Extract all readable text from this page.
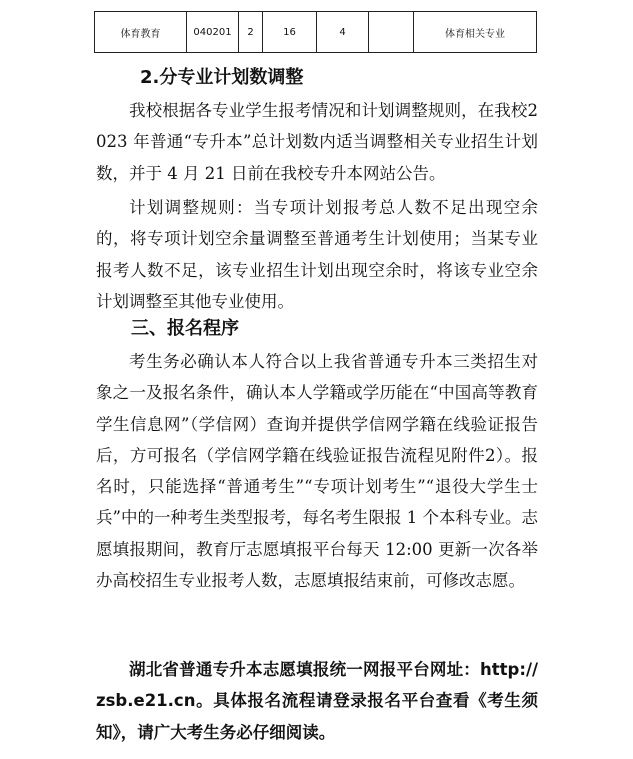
体育教育	040201	2	16	4		体育相关专业
2.分专业计划数调整

我校根据各专业学生报考情况和计划调整规则，在我校2023 年普通“专升本”总计划数内适当调整相关专业招生计划数，并于 4 月 21 日前在我校专升本网站公告。

计划调整规则：当专项计划报考总人数不足出现空余的，将专项计划空余量调整至普通考生计划使用；当某专业报考人数不足，该专业招生计划出现空余时，将该专业空余计划调整至其他专业使用。

三、报名程序

考生务必确认本人符合以上我省普通专升本三类招生对象之一及报名条件，确认本人学籍或学历能在“中国高等教育学生信息网”（学信网）查询并提供学信网学籍在线验证报告后，方可报名（学信网学籍在线验证报告流程见附件2）。报名时，只能选择“普通考生”“专项计划考生”“退役大学生士兵”中的一种考生类型报考，每名考生限报 1 个本科专业。志愿填报期间，教育厅志愿填报平台每天 12:00 更新一次各举办高校招生专业报考人数，志愿填报结束前，可修改志愿。

湖北省普通专升本志愿填报统一网报平台网址：http://zsb.e21.cn。具体报名流程请登录报名平台查看《考生须知》，请广大考生务必仔细阅读。
